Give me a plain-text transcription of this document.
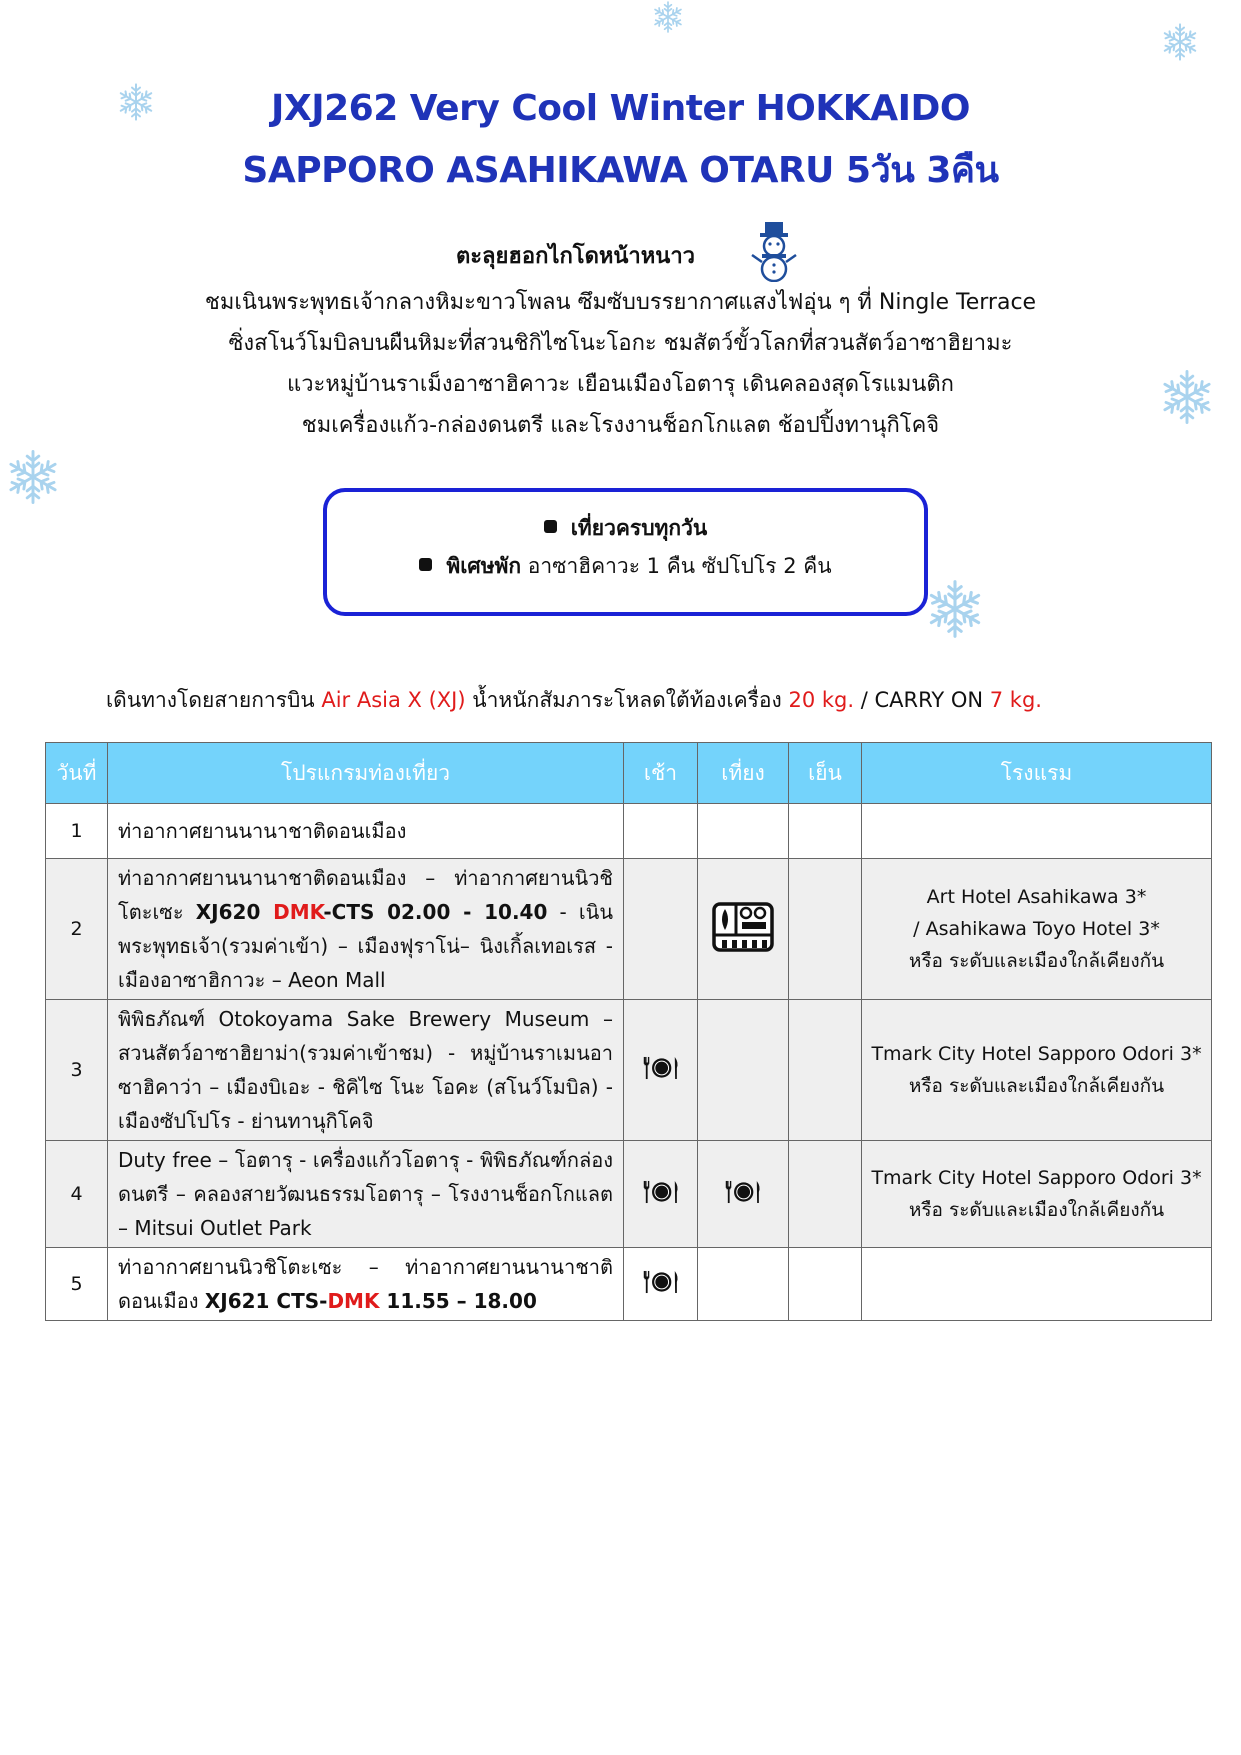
JXJ262 Very Cool Winter HOKKAIDO
SAPPORO ASAHIKAWA OTARU 5วัน 3คืน
ตะลุยฮอกไกโดหน้าหนาว
ชมเนินพระพุทธเจ้ากลางหิมะขาวโพลน ซึมซับบรรยากาศแสงไฟอุ่น ๆ ที่ Ningle Terrace
ซิ่งสโนว์โมบิลบนผืนหิมะที่สวนชิกิไซโนะโอกะ ชมสัตว์ขั้วโลกที่สวนสัตว์อาซาฮิยามะ
แวะหมู่บ้านราเม็งอาซาฮิคาวะ เยือนเมืองโอตารุ เดินคลองสุดโรแมนติก
ชมเครื่องแก้ว-กล่องดนตรี และโรงงานช็อกโกแลต ช้อปปิ้งทานุกิโคจิ
เที่ยวครบทุกวัน
พิเศษพัก อาซาฮิคาวะ 1 คืน ซัปโปโร 2 คืน
เดินทางโดยสายการบิน Air Asia X (XJ) น้ำหนักสัมภาระโหลดใต้ท้องเครื่อง 20 kg. / CARRY ON 7 kg.
วันที่	โปรแกรมท่องเที่ยว	เช้า	เที่ยง	เย็น	โรงแรม
1	ท่าอากาศยานนานาชาติดอนเมือง				
2	ท่าอากาศยานนานาชาติดอนเมือง – ท่าอากาศยานนิวชิโตะเซะ XJ620 DMK-CTS 02.00 - 10.40 - เนินพระพุทธเจ้า(รวมค่าเข้า) – เมืองฟุราโน่– นิงเกิ้ลเทอเรส - เมืองอาซาฮิกาวะ – Aeon Mall				Art Hotel Asahikawa 3*
/ Asahikawa Toyo Hotel 3*
หรือ ระดับและเมืองใกล้เคียงกัน

3	พิพิธภัณฑ์ Otokoyama Sake Brewery Museum – สวนสัตว์อาซาฮิยาม่า(รวมค่าเข้าชม) - หมู่บ้านราเมนอาซาฮิคาว่า – เมืองบิเอะ - ชิคิไซ โนะ โอคะ (สโนว์โมบิล) - เมืองซัปโปโร - ย่านทานุกิโคจิ				Tmark City Hotel Sapporo Odori 3*
หรือ ระดับและเมืองใกล้เคียงกัน

4	Duty free – โอตารุ - เครื่องแก้วโอตารุ - พิพิธภัณฑ์กล่องดนตรี – คลองสายวัฒนธรรมโอตารุ – โรงงานช็อกโกแลต – Mitsui Outlet Park				Tmark City Hotel Sapporo Odori 3*
หรือ ระดับและเมืองใกล้เคียงกัน

5	ท่าอากาศยานนิวชิโตะเซะ – ท่าอากาศยานนานาชาติดอนเมือง XJ621 CTS-DMK 11.55 – 18.00				
